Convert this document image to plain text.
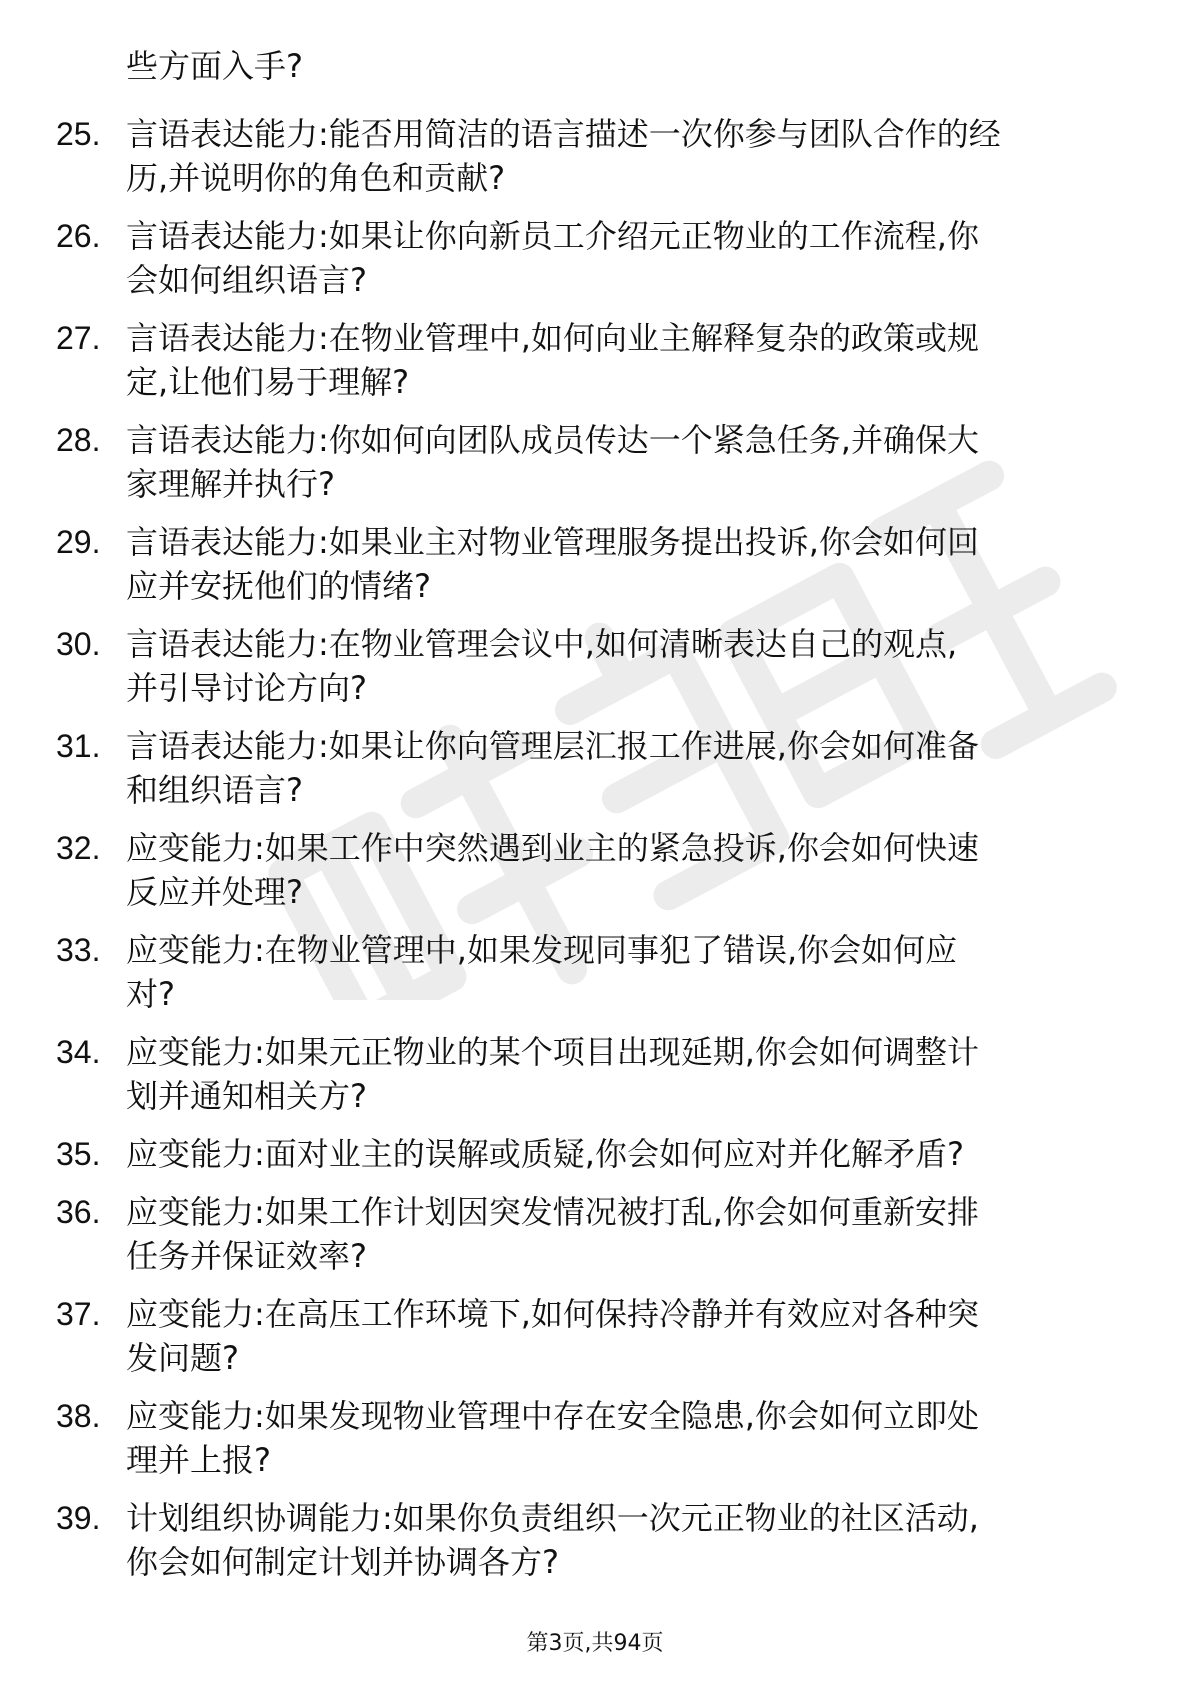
些方面入手?

25. 言语表达能力:能否用简洁的语言描述一次你参与团队合作的经
历,并说明你的角色和贡献?
26. 言语表达能力:如果让你向新员工介绍元正物业的工作流程,你
会如何组织语言?
27. 言语表达能力:在物业管理中,如何向业主解释复杂的政策或规
定,让他们易于理解?
28. 言语表达能力:你如何向团队成员传达一个紧急任务,并确保大
家理解并执行?
29. 言语表达能力:如果业主对物业管理服务提出投诉,你会如何回
应并安抚他们的情绪?
30. 言语表达能力:在物业管理会议中,如何清晰表达自己的观点,
并引导讨论方向?
31. 言语表达能力:如果让你向管理层汇报工作进展,你会如何准备
和组织语言?
32. 应变能力:如果工作中突然遇到业主的紧急投诉,你会如何快速
反应并处理?
33. 应变能力:在物业管理中,如果发现同事犯了错误,你会如何应
对?
34. 应变能力:如果元正物业的某个项目出现延期,你会如何调整计
划并通知相关方?
35. 应变能力:面对业主的误解或质疑,你会如何应对并化解矛盾?
36. 应变能力:如果工作计划因突发情况被打乱,你会如何重新安排
任务并保证效率?
37. 应变能力:在高压工作环境下,如何保持冷静并有效应对各种突
发问题?
38. 应变能力:如果发现物业管理中存在安全隐患,你会如何立即处
理并上报?
39. 计划组织协调能力:如果你负责组织一次元正物业的社区活动,
你会如何制定计划并协调各方?
第3页,共94页
